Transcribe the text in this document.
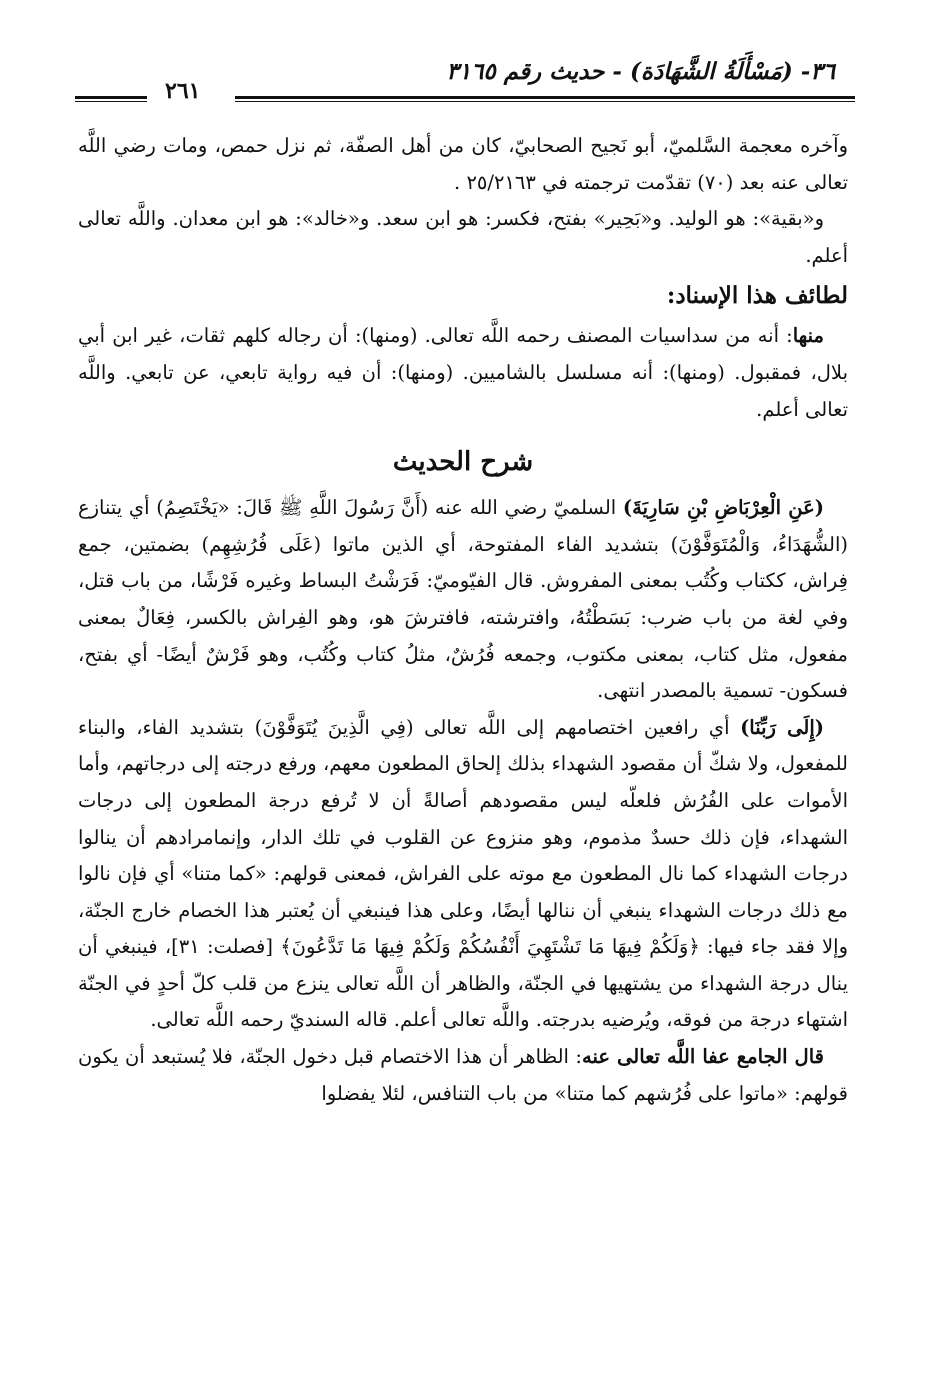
٣٦- (مَسْأَلَةُ الشَّهَادَة) - حديث رقم ٣١٦٥
٢٦١

وآخره معجمة السَّلميّ، أبو نَجيح الصحابيّ، كان من أهل الصفّة، ثم نزل حمص، ومات رضي اللَّه تعالى عنه بعد (٧٠) تقدّمت ترجمته في ٢٥/٢١٦٣ .

و«بقية»: هو الوليد. و«بَحِير» بفتح، فكسر: هو ابن سعد. و«خالد»: هو ابن معدان. واللَّه تعالى أعلم.

لطائف هذا الإسناد:

منها: أنه من سداسيات المصنف رحمه اللَّه تعالى. (ومنها): أن رجاله كلهم ثقات، غير ابن أبي بلال، فمقبول. (ومنها): أنه مسلسل بالشاميين. (ومنها): أن فيه رواية تابعي، عن تابعي. واللَّه تعالى أعلم.

شرح الحديث

(عَنِ الْعِرْبَاضِ بْنِ سَارِيَةَ) السلميّ رضي الله عنه (أَنَّ رَسُولَ اللَّهِ ﷺ قَالَ: «يَخْتَصِمُ) أي يتنازع (الشُّهَدَاءُ، وَالْمُتَوَفَّوْنَ) بتشديد الفاء المفتوحة، أي الذين ماتوا (عَلَى فُرُشِهِم) بضمتين، جمع فِراش، ككتاب وكُتُب بمعنى المفروش. قال الفيّوميّ: فَرَشْتُ البساط وغيره فَرْشًا، من باب قتل، وفي لغة من باب ضرب: بَسَطْتُهُ، وافترشته، فافترشَ هو، وهو الفِراش بالكسر، فِعَالٌ بمعنى مفعول، مثل كتاب، بمعنى مكتوب، وجمعه فُرُشٌ، مثلُ كتاب وكُتُب، وهو فَرْشٌ أيضًا- أي بفتح، فسكون- تسمية بالمصدر انتهى.

(إِلَى رَبِّنَا) أي رافعين اختصامهم إلى اللَّه تعالى (فِي الَّذِينَ يُتَوَفَّوْنَ) بتشديد الفاء، والبناء للمفعول، ولا شكّ أن مقصود الشهداء بذلك إلحاق المطعون معهم، ورفع درجته إلى درجاتهم، وأما الأموات على الفُرُش فلعلّه ليس مقصودهم أصالةً أن لا تُرفع درجة المطعون إلى درجات الشهداء، فإن ذلك حسدٌ مذموم، وهو منزوع عن القلوب في تلك الدار، وإنمامرادهم أن ينالوا درجات الشهداء كما نال المطعون مع موته على الفراش، فمعنى قولهم: «كما متنا» أي فإن نالوا مع ذلك درجات الشهداء ينبغي أن ننالها أيضًا، وعلى هذا فينبغي أن يُعتبر هذا الخصام خارج الجنّة، وإلا فقد جاء فيها: ﴿وَلَكُمْ فِيهَا مَا تَشْتَهِيَ أَنْفُسُكُمْ وَلَكُمْ فِيهَا مَا تَدَّعُونَ﴾ [فصلت: ٣١]، فينبغي أن ينال درجة الشهداء من يشتهيها في الجنّة، والظاهر أن اللَّه تعالى ينزع من قلب كلّ أحدٍ في الجنّة اشتهاء درجة من فوقه، ويُرضيه بدرجته. واللَّه تعالى أعلم. قاله السنديّ رحمه اللَّه تعالى.

قال الجامع عفا اللَّه تعالى عنه: الظاهر أن هذا الاختصام قبل دخول الجنّة، فلا يُستبعد أن يكون قولهم: «ماتوا على فُرُشهم كما متنا» من باب التنافس، لئلا يفضلوا
